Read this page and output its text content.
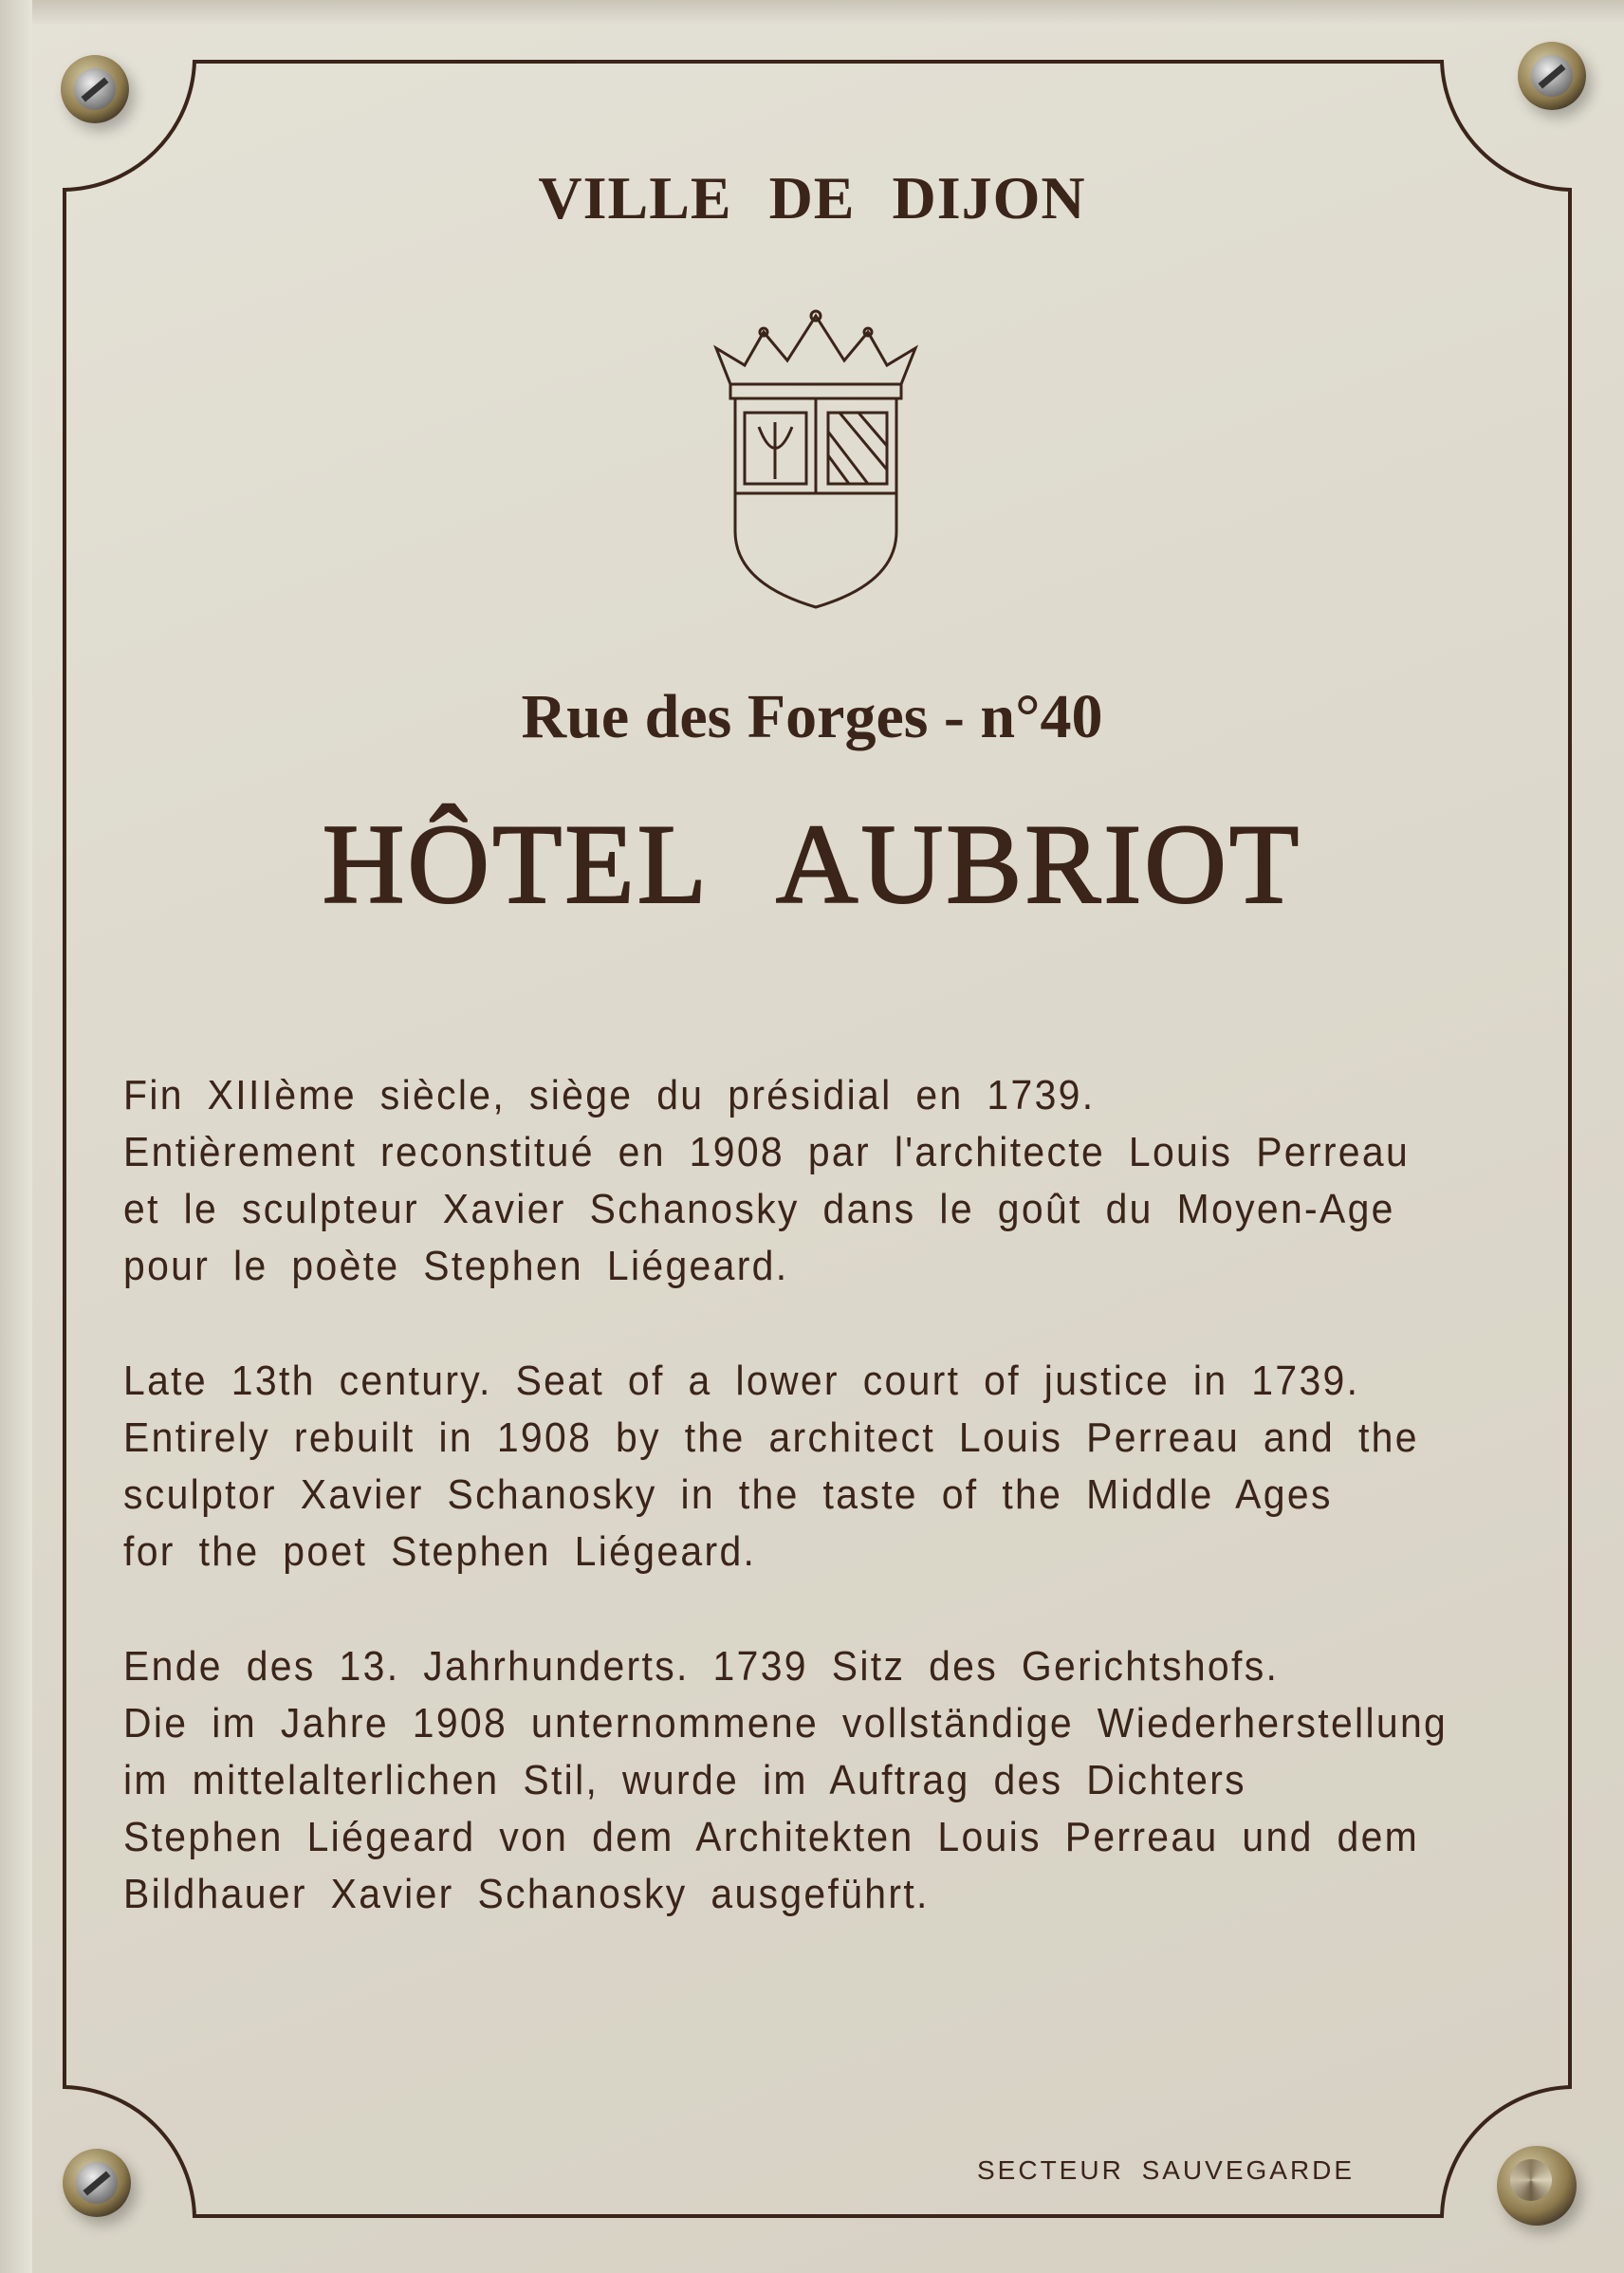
VILLE DE DIJON
Rue des Forges - n°40
HÔTEL AUBRIOT
Fin XIIIème siècle, siège du présidial en 1739.
Entièrement reconstitué en 1908 par l'architecte Louis Perreau
et le sculpteur Xavier Schanosky dans le goût du Moyen-Age
pour le poète Stephen Liégeard.
Late 13th century. Seat of a lower court of justice in 1739.
Entirely rebuilt in 1908 by the architect Louis Perreau and the
sculptor Xavier Schanosky in the taste of the Middle Ages
for the poet Stephen Liégeard.
Ende des 13. Jahrhunderts. 1739 Sitz des Gerichtshofs.
Die im Jahre 1908 unternommene vollständige Wiederherstellung
im mittelalterlichen Stil, wurde im Auftrag des Dichters
Stephen Liégeard von dem Architekten Louis Perreau und dem
Bildhauer Xavier Schanosky ausgeführt.
SECTEUR SAUVEGARDE
